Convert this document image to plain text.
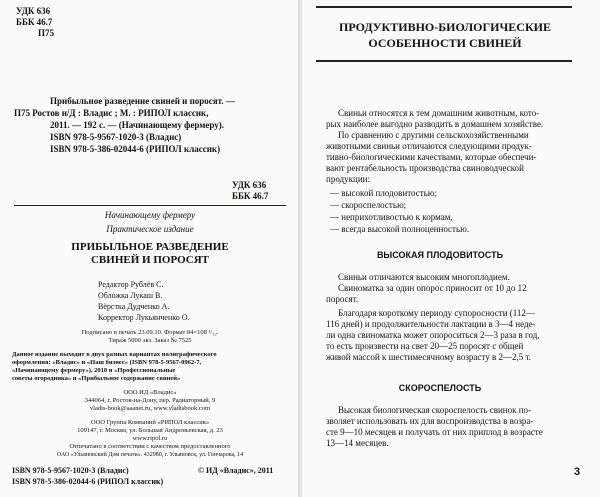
УДК 636

ББК 46.7

П75

Прибыльное разведение свиней и поросят. —

П75 Ростов н/Д : Владис ; М. : РИПОЛ классик,

2011. — 192 с. — (Начинающему фермеру).

ISBN 978-5-9567-1020-3 (Владис)

ISBN 978-5-386-02044-6 (РИПОЛ классик)

УДК 636

ББК 46.7

Начинающему фермеру

Практическое издание

ПРИБЫЛЬНОЕ РАЗВЕДЕНИЕ

СВИНЕЙ И ПОРОСЯТ

Редактор Рублёв С.

Обложка Лукаш В.

Вёрстка Дудченко А.

Корректор Лукьянченко О.

Подписано в печать 23.09.10. Формат 84×108 ¹/₃₂.

Тираж 5000 экз. Заказ № 7525

Данное издание выходит в двух разных вариантах полиграфического

оформления: «Владис» и «Наш бизнес» (ISBN 978-5-9567-0962-7,

«Начинающему фермеру»), 2010 и «Профессиональные

советы огородника» и «Прибыльное содержание свиней»

ООО ИД «Владис»

344064, г. Ростов-на-Дону, пер. Радиаторный, 9

vladis-book@aaanet.ru, www.vladisbook.com

ООО Группа Компаний «РИПОЛ классик»

109147, г. Москва, ул. Большая Андроньевская, д. 23

www.ripol.ru

Отпечатано в соответствии с качеством предоставленного

ОАО «Ульяновский Дом печати». 432980, г. Ульяновск, ул. Гончарова, 14

ISBN 978-5-9567-1020-3 (Владис)

ISBN 978-5-386-02044-6 (РИПОЛ классик)

© ИД «Владис», 2011

ПРОДУКТИВНО-БИОЛОГИЧЕСКИЕ

ОСОБЕННОСТИ СВИНЕЙ

Свиньи относятся к тем домашним животным, кото-

рых наиболее выгодно разводить в домашнем хозяйстве.

По сравнению с другими сельскохозяйственными

животными свиньи отличаются следующими продук-

тивно-биологическими качествами, которые обеспечи-

вают рентабельность производства свиноводческой

продукции:

— высокой плодовитостью;

— скороспелостью;

— неприхотливостью к кормам,

— всегда высокой полноценностью.

ВЫСОКАЯ ПЛОДОВИТОСТЬ

Свиньи отличаются высоким многоплодием.

Свиноматка за один опорос приносит от 10 до 12

поросят.

Благодаря короткому периоду супоросности (112—

116 дней) и продолжительности лактации в 3—4 неде-

ли одна свиноматка может опороситься 2—3 раза в год,

то есть произвести на свет 20—25 поросят с общей

живой массой к шестимесячному возрасту в 2—2,5 т.

СКОРОСПЕЛОСТЬ

Высокая биологическая скороспелость свинок по-

зволяет использовать их для воспроизводства в возра-

сте 9—10 месяцев и получать от них приплод в возрасте

13—14 месяцев.

3
